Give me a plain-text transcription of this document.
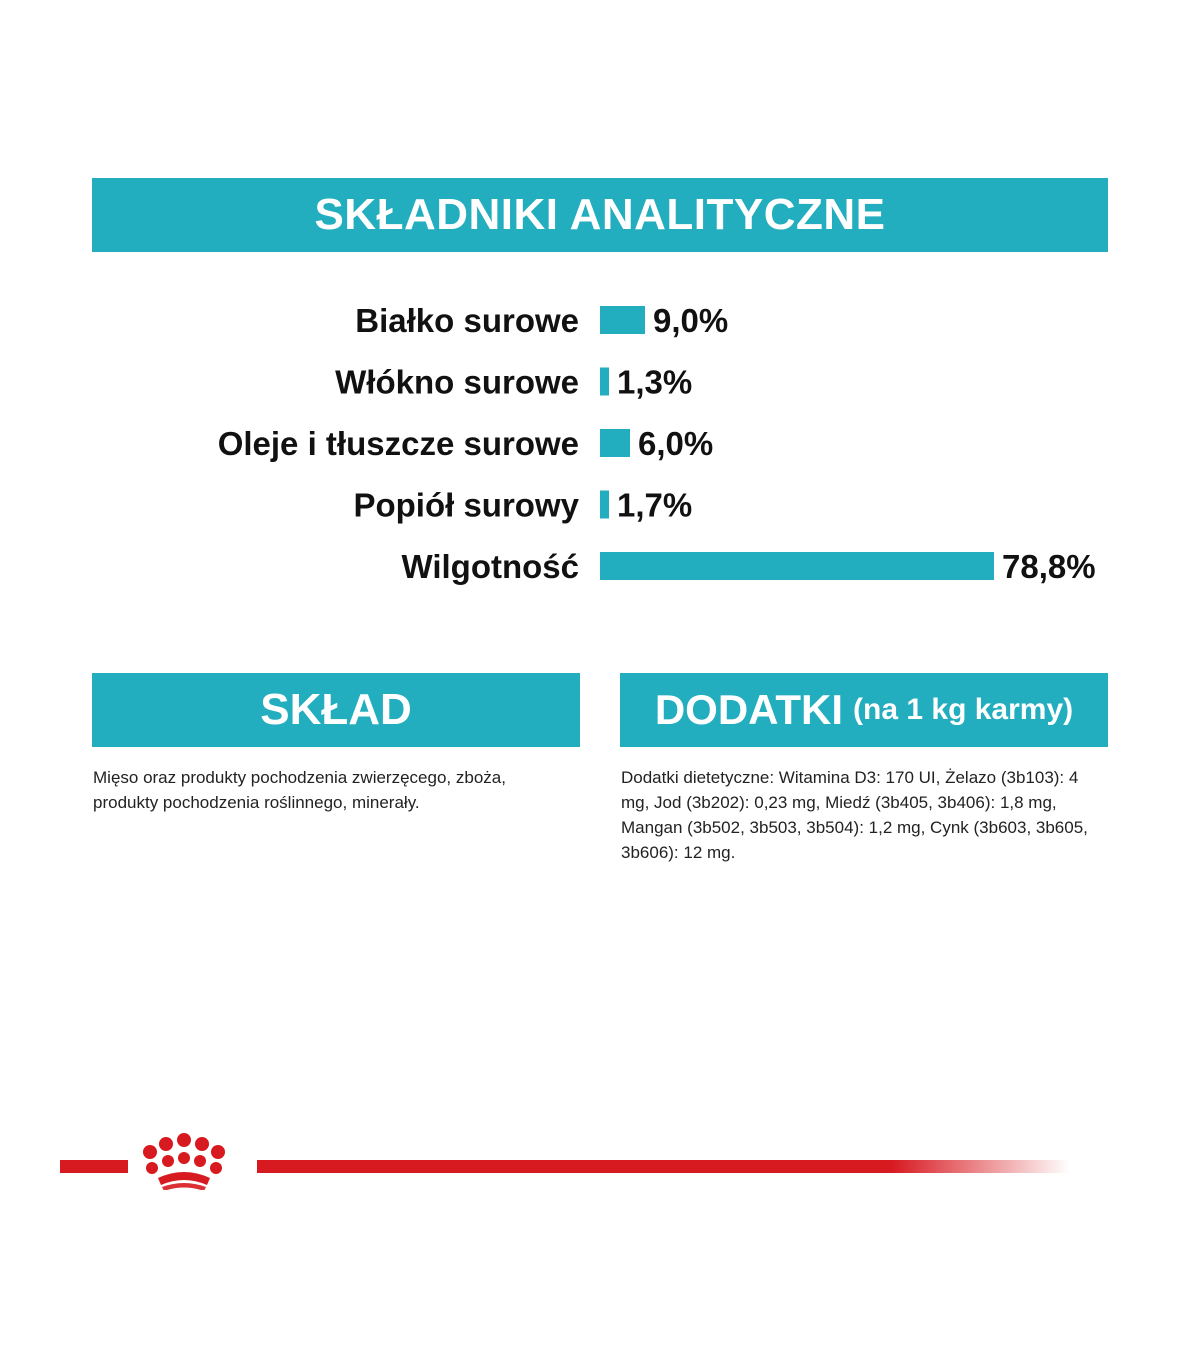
SKŁADNIKI ANALITYCZNE
Białko surowe 9,0%
Włókno surowe 1,3%
Oleje i tłuszcze surowe 6,0%
Popiół surowy 1,7%
Wilgotność	78,8%
SKŁAD
Mięso oraz produkty pochodzenia zwierzęcego, zboża, produkty pochodzenia roślinnego, minerały.
DODATKI (na 1 kg karmy)
Dodatki dietetyczne: Witamina D3: 170 UI, Żelazo (3b103): 4 mg, Jod (3b202): 0,23 mg, Miedź (3b405, 3b406): 1,8 mg, Mangan (3b502, 3b503, 3b504): 1,2 mg, Cynk (3b603, 3b605, 3b606): 12 mg.
